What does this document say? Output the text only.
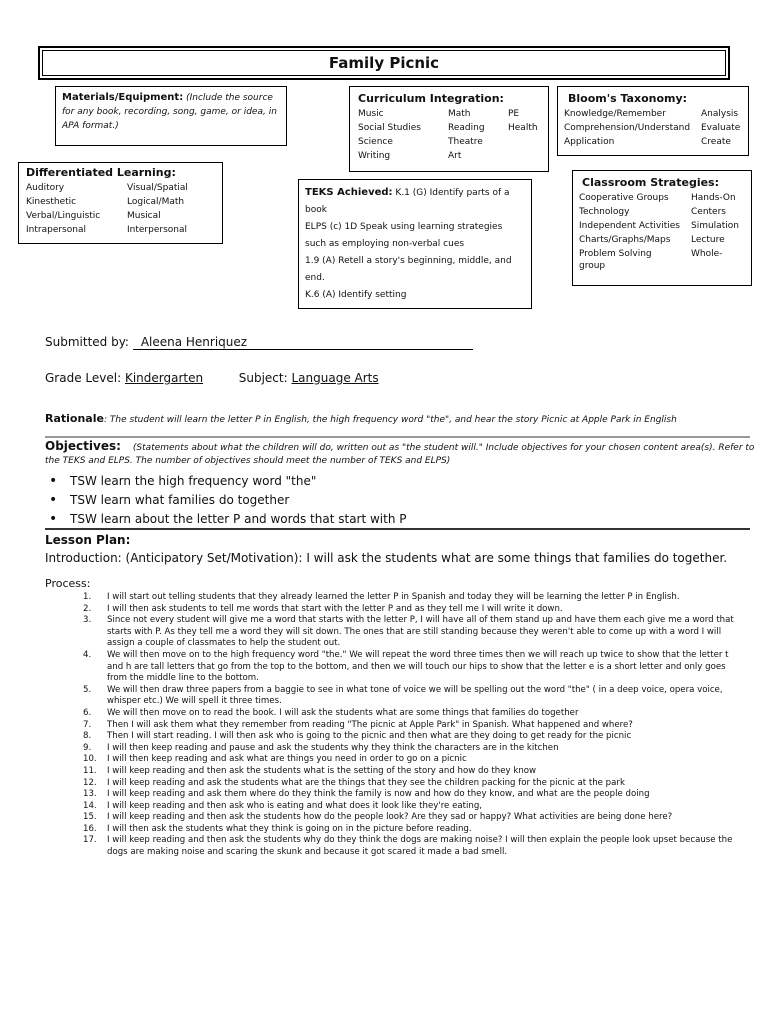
Family Picnic
Materials/Equipment: (Include the source for any book, recording, song, game, or idea, in APA format.)
Differentiated Learning:
Auditory	Visual/Spatial
Kinesthetic	Logical/Math
Verbal/Linguistic	Musical
Intrapersonal	Interpersonal
Curriculum Integration:
Music	Math	PE
Social Studies	Reading	Health
Science	Theatre
Writing	Art
Bloom's Taxonomy:
Knowledge/Remember	Analysis
Comprehension/Understand	Evaluate
Application	Create
TEKS Achieved: K.1 (G) Identify parts of a book
ELPS (c) 1D Speak using learning strategies such as employing non-verbal cues
1.9 (A) Retell a story's beginning, middle, and end.
K.6 (A) Identify setting
Classroom Strategies:
Cooperative Groups	Hands-On
Technology	Centers
Independent Activities	Simulation
Charts/Graphs/Maps	Lecture
Problem Solving	Whole-
group
Submitted by: Aleena Henriquez
Grade Level: Kindergarten	Subject: Language Arts
Rationale: The student will learn the letter P in English, the high frequency word "the", and hear the story Picnic at Apple Park in English
Objectives: (Statements about what the children will do, written out as "the student will." Include objectives for your chosen content area(s). Refer to the TEKS and ELPS. The number of objectives should meet the number of TEKS and ELPS)
• TSW learn the high frequency word "the"
• TSW learn what families do together
• TSW learn about the letter P and words that start with P
Lesson Plan:
Introduction: (Anticipatory Set/Motivation): I will ask the students what are some things that families do together.
Process:
1.	I will start out telling students that they already learned the letter P in Spanish and today they will be learning the letter P in English.
2.	I will then ask students to tell me words that start with the letter P and as they tell me I will write it down.
3.	Since not every student will give me a word that starts with the letter P, I will have all of them stand up and have them each give me a word that starts with P. As they tell me a word they will sit down. The ones that are still standing because they weren't able to come up with a word I will assign a couple of classmates to help the student out.
4.	We will then move on to the high frequency word "the." We will repeat the word three times then we will reach up twice to show that the letter t and h are tall letters that go from the top to the bottom, and then we will touch our hips to show that the letter e is a short letter and only goes from the middle line to the bottom.
5.	We will then draw three papers from a baggie to see in what tone of voice we will be spelling out the word "the" ( in a deep voice, opera voice, whisper etc.) We will spell it three times.
6.	We will then move on to read the book. I will ask the students what are some things that families do together
7.	Then I will ask them what they remember from reading "The picnic at Apple Park" in Spanish. What happened and where?
8.	Then I will start reading. I will then ask who is going to the picnic and then what are they doing to get ready for the picnic
9.	I will then keep reading and pause and ask the students why they think the characters are in the kitchen
10.	I will then keep reading and ask what are things you need in order to go on a picnic
11.	I will keep reading and then ask the students what is the setting of the story and how do they know
12.	I will keep reading and ask the students what are the things that they see the children packing for the picnic at the park
13.	I will keep reading and ask them where do they think the family is now and how do they know, and what are the people doing
14.	I will keep reading and then ask who is eating and what does it look like they're eating,
15.	I will keep reading and then ask the students how do the people look? Are they sad or happy? What activities are being done here?
16.	I will then ask the students what they think is going on in the picture before reading.
17.	I will keep reading and then ask the students why do they think the dogs are making noise? I will then explain the people look upset because the dogs are making noise and scaring the skunk and because it got scared it made a bad smell.
